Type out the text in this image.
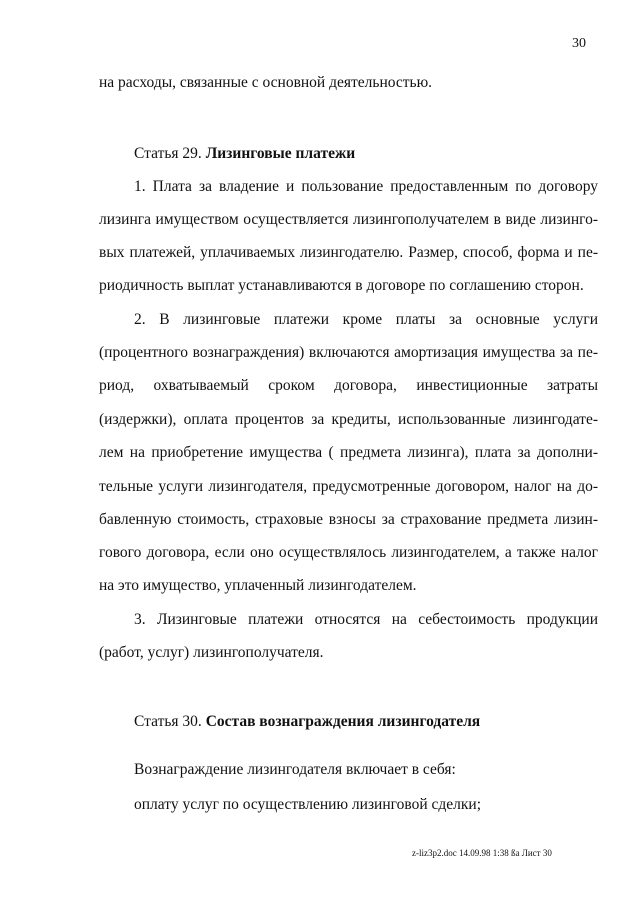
30
на расходы, связанные с основной деятельностью.
Статья 29. Лизинговые платежи
1. Плата за владение и пользование предоставленным по договору
лизинга имуществом осуществляется лизингополучателем в виде лизинго-
вых платежей, уплачиваемых лизингодателю. Размер, способ, форма и пе-
риодичность выплат устанавливаются в договоре по соглашению сторон.
2. В лизинговые платежи кроме платы за основные услуги
(процентного вознаграждения) включаются амортизация имущества за пе-
риод, охватываемый сроком договора, инвестиционные затраты
(издержки), оплата процентов за кредиты, использованные лизингодате-
лем на приобретение имущества ( предмета лизинга), плата за дополни-
тельные услуги лизингодателя, предусмотренные договором, налог на до-
бавленную стоимость, страховые взносы за страхование предмета лизин-
гового договора, если оно осуществлялось лизингодателем, а также налог
на это имущество, уплаченный лизингодателем.
3. Лизинговые платежи относятся на себестоимость продукции
(работ, услуг) лизингополучателя.
Статья 30. Состав вознаграждения лизингодателя
Вознаграждение лизингодателя включает в себя:
оплату услуг по осуществлению лизинговой сделки;
z-liz3p2.doc 14.09.98 1:38 ßa Лист 30
